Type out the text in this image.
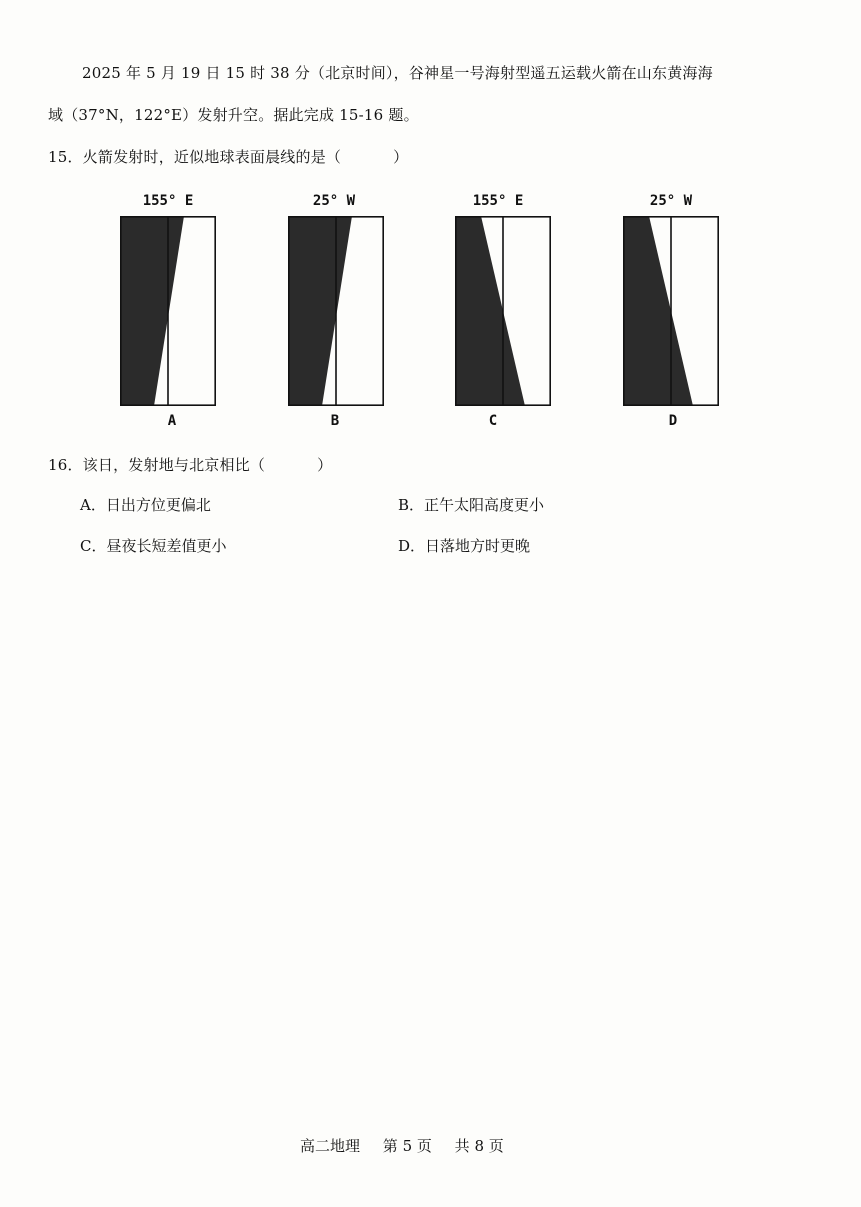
2025 年 5 月 19 日 15 时 38 分（北京时间），谷神星一号海射型遥五运载火箭在山东黄海海
域（37°N，122°E）发射升空。据此完成 15-16 题。
15．火箭发射时，近似地球表面晨线的是（	）
155° E
A
25° W
B
155° E
C
25° W
D
16．该日，发射地与北京相比（	）
A．日出方位更偏北	B．正午太阳高度更小
C．昼夜长短差值更小	D．日落地方时更晚
高二地理 第 5 页 共 8 页
